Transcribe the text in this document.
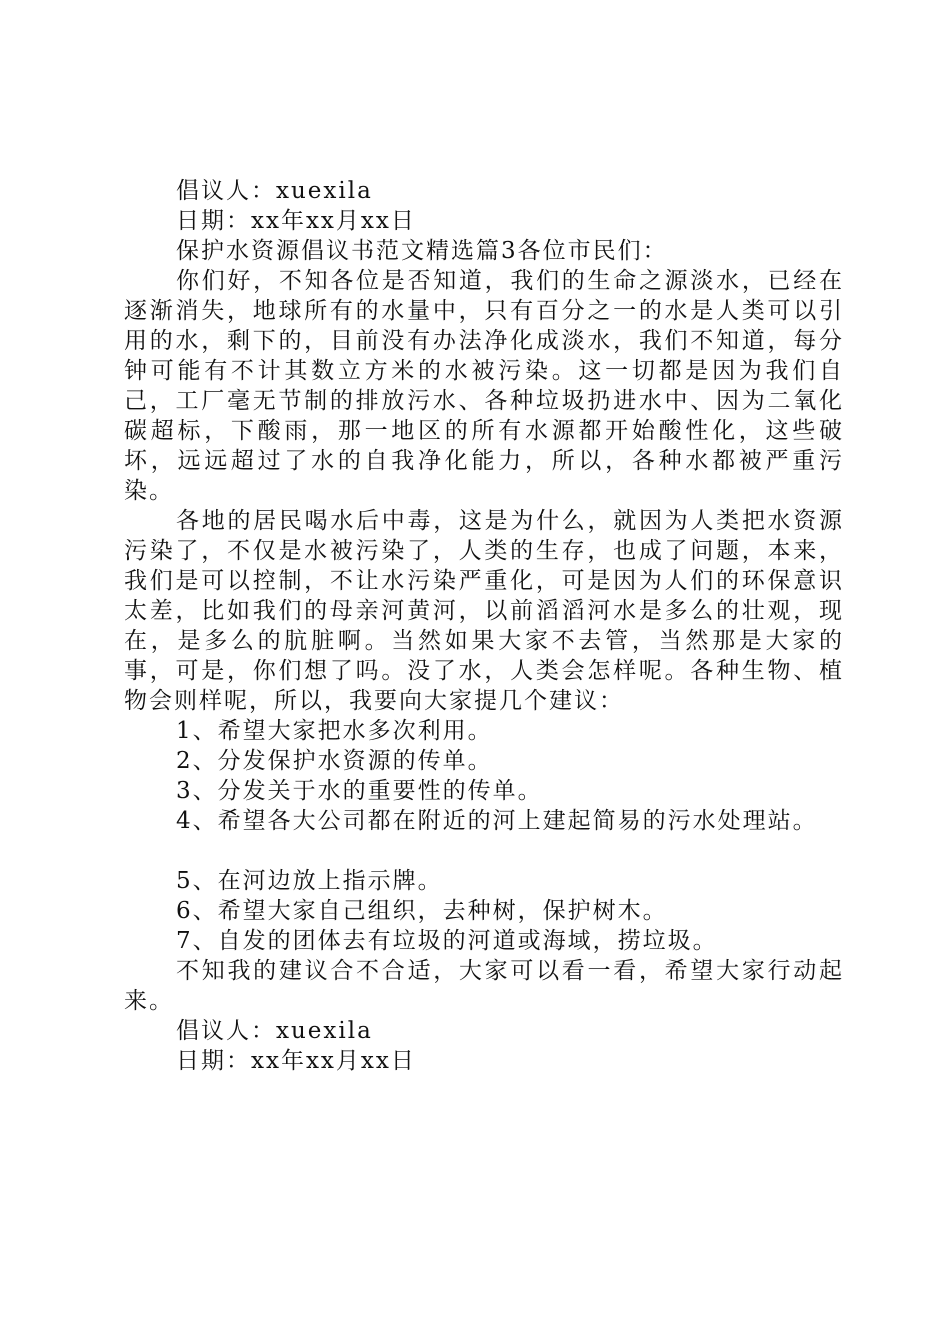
倡议人：xuexila

日期：xx年xx月xx日

保护水资源倡议书范文精选篇3各位市民们：

你们好，不知各位是否知道，我们的生命之源淡水，已经在逐渐消失，地球所有的水量中，只有百分之一的水是人类可以引用的水，剩下的，目前没有办法净化成淡水，我们不知道，每分钟可能有不计其数立方米的水被污染。这一切都是因为我们自己，工厂毫无节制的排放污水、各种垃圾扔进水中、因为二氧化碳超标，下酸雨，那一地区的所有水源都开始酸性化，这些破坏，远远超过了水的自我净化能力，所以，各种水都被严重污染。

各地的居民喝水后中毒，这是为什么，就因为人类把水资源污染了，不仅是水被污染了，人类的生存，也成了问题，本来，我们是可以控制，不让水污染严重化，可是因为人们的环保意识太差，比如我们的母亲河黄河，以前滔滔河水是多么的壮观，现在，是多么的肮脏啊。当然如果大家不去管，当然那是大家的事，可是，你们想了吗。没了水，人类会怎样呢。各种生物、植物会则样呢，所以，我要向大家提几个建议：

1、希望大家把水多次利用。

2、分发保护水资源的传单。

3、分发关于水的重要性的传单。

4、希望各大公司都在附近的河上建起简易的污水处理站。

5、在河边放上指示牌。

6、希望大家自己组织，去种树，保护树木。

7、自发的团体去有垃圾的河道或海域，捞垃圾。

不知我的建议合不合适，大家可以看一看，希望大家行动起来。

倡议人：xuexila

日期：xx年xx月xx日
